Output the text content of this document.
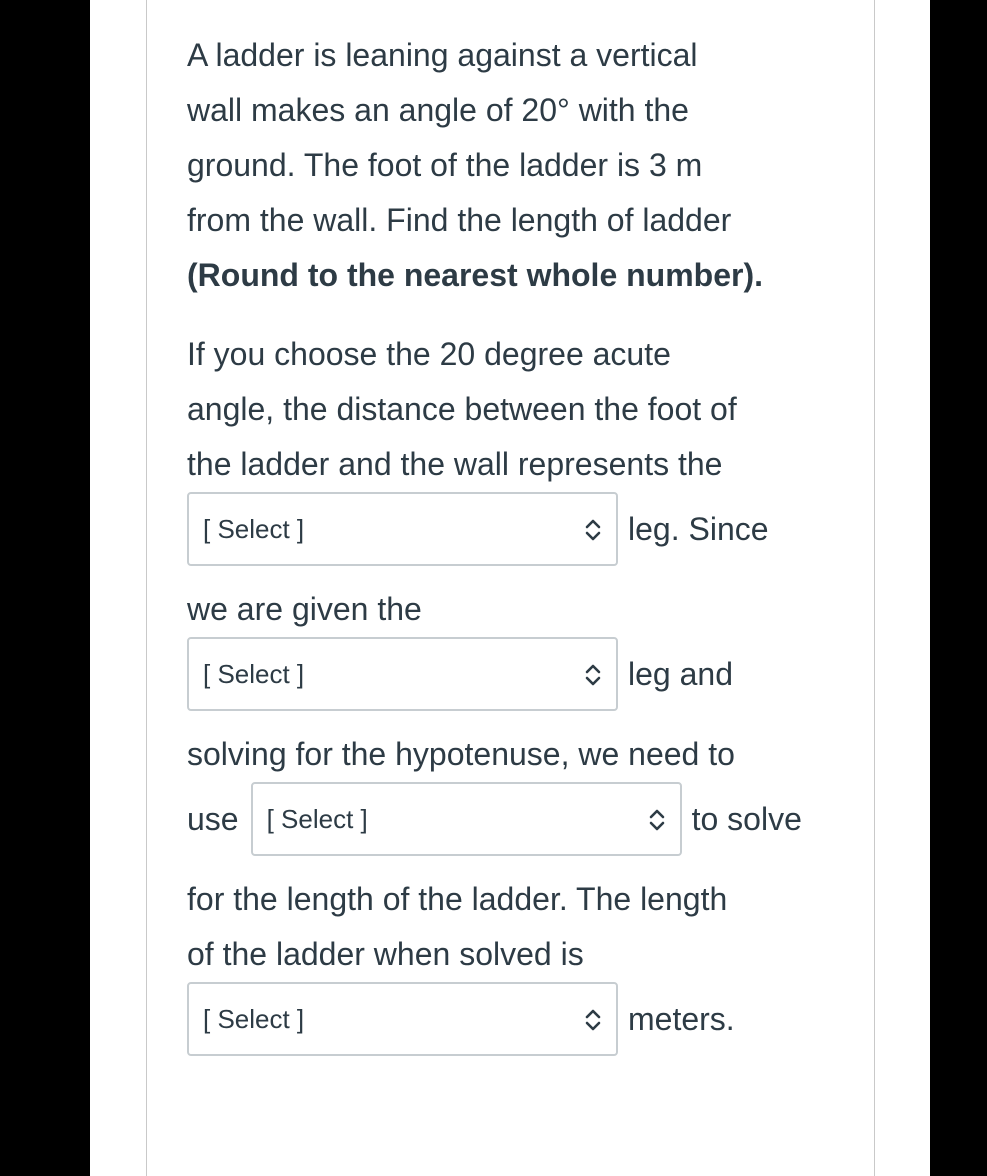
A ladder is leaning against a vertical
wall makes an angle of 20° with the
ground. The foot of the ladder is 3 m
from the wall. Find the length of ladder
(Round to the nearest whole number).

If you choose the 20 degree acute
angle, the distance between the foot of
the ladder and the wall represents the
[ Select ]	leg. Since
we are given the
[ Select ]	leg and
solving for the hypotenuse, we need to
use [ Select ]	to solve
for the length of the ladder. The length
of the ladder when solved is
[ Select ]	meters.
